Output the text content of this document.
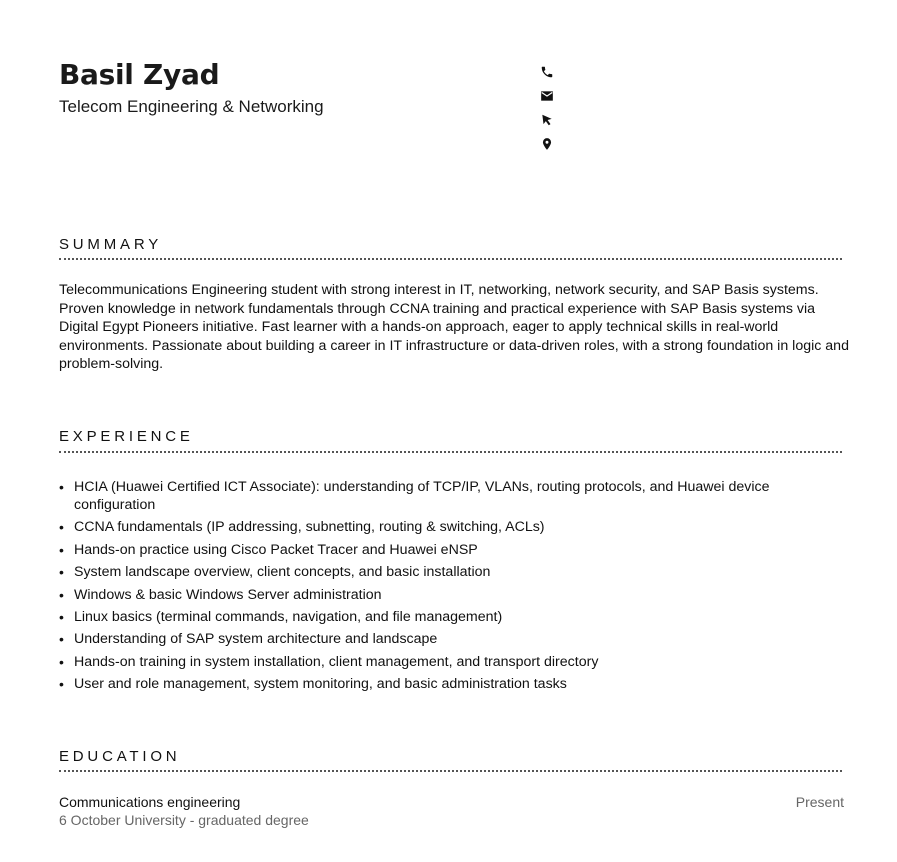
Basil Zyad
Telecom Engineering & Networking
SUMMARY

Telecommunications Engineering student with strong interest in IT, networking, network security, and SAP Basis systems. Proven knowledge in network fundamentals through CCNA training and practical experience with SAP Basis systems via Digital Egypt Pioneers initiative. Fast learner with a hands-on approach, eager to apply technical skills in real-world environments. Passionate about building a career in IT infrastructure or data-driven roles, with a strong foundation in logic and problem-solving.

EXPERIENCE
• HCIA (Huawei Certified ICT Associate): understanding of TCP/IP, VLANs, routing protocols, and Huawei device configuration
• CCNA fundamentals (IP addressing, subnetting, routing & switching, ACLs)
• Hands-on practice using Cisco Packet Tracer and Huawei eNSP
• System landscape overview, client concepts, and basic installation
• Windows & basic Windows Server administration
• Linux basics (terminal commands, navigation, and file management)
• Understanding of SAP system architecture and landscape
• Hands-on training in system installation, client management, and transport directory
• User and role management, system monitoring, and basic administration tasks
EDUCATION
Communications engineering
6 October University - graduated degree
Present
